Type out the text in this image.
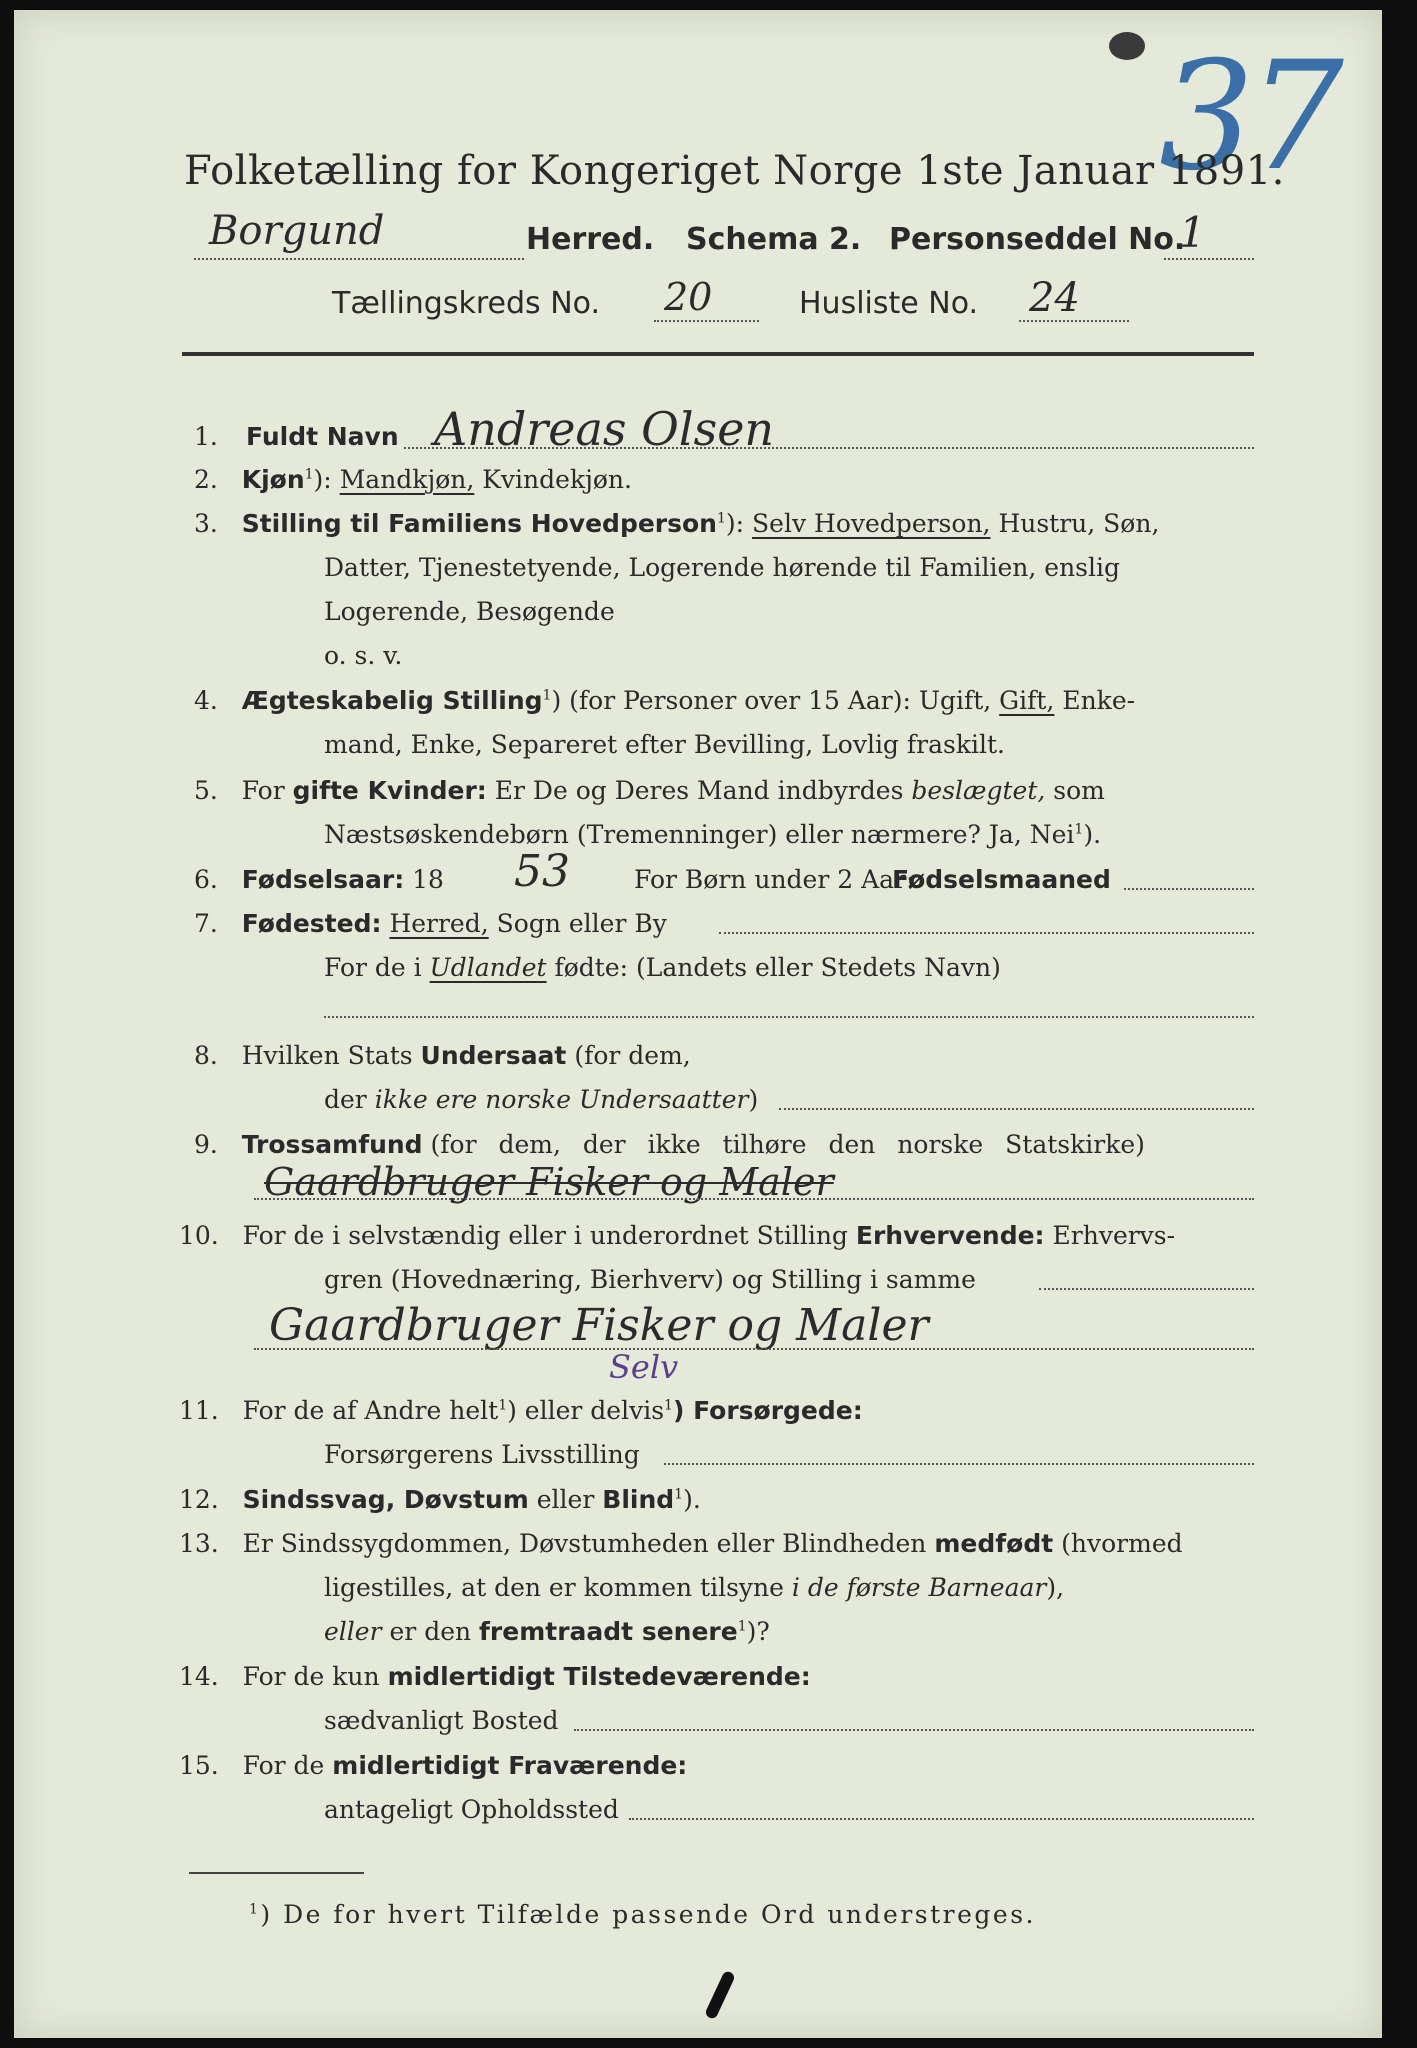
37
Folketælling for Kongeriget Norge 1ste Januar 1891.
Borgund	Herred. Schema 2. Personseddel No.
1
Tællingskreds No. 20	Husliste No. 24
1. Fuldt Navn Andreas Olsen
2. Kjøn$^1$): Mandkjøn, Kvindekjøn.
3. Stilling til Familiens Hovedperson$^1$): Selv Hovedperson, Hustru, Søn,
Datter, Tjenestetyende, Logerende hørende til Familien, enslig
Logerende, Besøgende
o. s. v.
4. Ægteskabelig Stilling$^1$) (for Personer over 15 Aar): Ugift, Gift, Enke-
mand, Enke, Separeret efter Bevilling, Lovlig fraskilt.
5. For gifte Kvinder: Er De og Deres Mand indbyrdes beslægtet, som
Næstsøskendebørn (Tremenninger) eller nærmere? Ja, Nei$^1$).
6. Fødselsaar: 18 53	For Børn under 2 Aar:
Fødselsmaaned
7. Fødested: Herred, Sogn eller By
For de i Udlandet fødte: (Landets eller Stedets Navn)
8. Hvilken Stats Undersaat (for dem,
der ikke ere norske Undersaatter)
9. Trossamfund (for dem, der ikke tilhøre den norske Statskirke)
Gaardbruger Fisker og Maler
10. For de i selvstændig eller i underordnet Stilling Erhvervende: Erhvervs-
gren (Hovednæring, Bierhverv) og Stilling i samme
Gaardbruger Fisker og Maler
Selv
11. For de af Andre helt$^1$) eller delvis$^1$) Forsørgede:
Forsørgerens Livsstilling
12. Sindssvag, Døvstum eller Blind$^1$).
13. Er Sindssygdommen, Døvstumheden eller Blindheden medfødt (hvormed
ligestilles, at den er kommen tilsyne i de første Barneaar),
eller er den fremtraadt senere$^1$)?
14. For de kun midlertidigt Tilstedeværende:
sædvanligt Bosted
15. For de midlertidigt Fraværende:
antageligt Opholdssted
$^1$) De for hvert Tilfælde passende Ord understreges.
